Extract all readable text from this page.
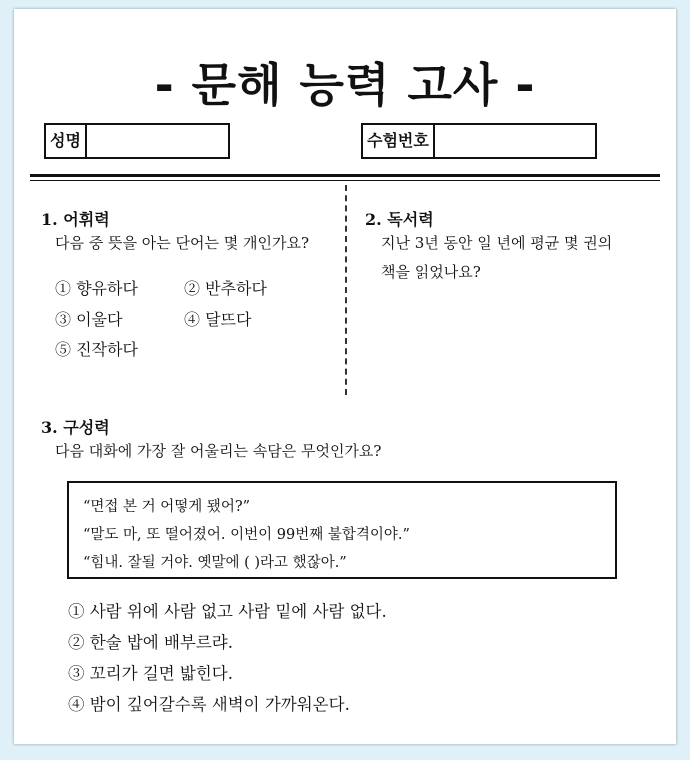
- 문해 능력 고사 -
성명	수험번호
1. 어휘력
다음 중 뜻을 아는 단어는 몇 개인가요?
① 향유하다	② 반추하다
③ 이울다	④ 달뜨다
⑤ 진작하다
2. 독서력
지난 3년 동안 일 년에 평균 몇 권의
책을 읽었나요?
3. 구성력
다음 대화에 가장 잘 어울리는 속담은 무엇인가요?
“면접 본 거 어떻게 됐어?”
“말도 마, 또 떨어졌어. 이번이 99번째 불합격이야.”
“힘내. 잘될 거야. 옛말에 ( )라고 했잖아.”
① 사람 위에 사람 없고 사람 밑에 사람 없다.
② 한술 밥에 배부르랴.
③ 꼬리가 길면 밟힌다.
④ 밤이 깊어갈수록 새벽이 가까워온다.
